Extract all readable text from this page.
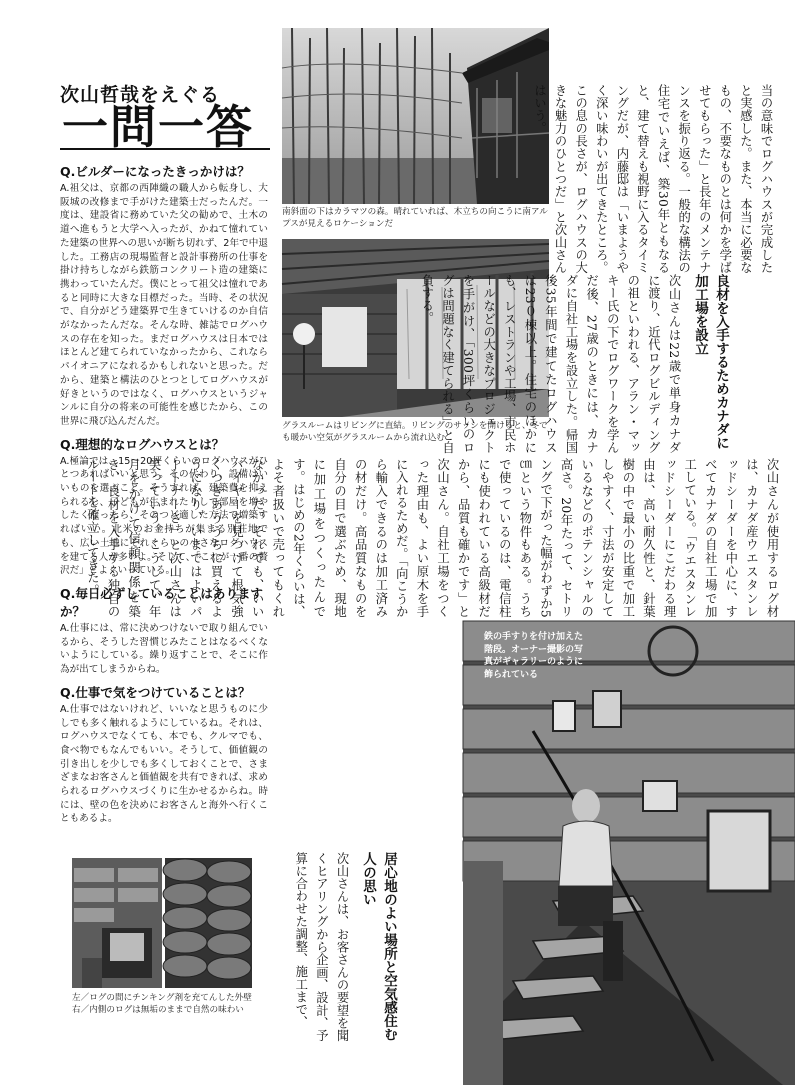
次山哲哉をえぐる
一問一答
Q.ビルダーになったきっかけは？

A.祖父は、京都の西陣織の職人から転身し、大阪城の改修まで手がけた建築士だったんだ。一度は、建設省に務めていた父の勧めで、土木の道へ進もうと大学へ入ったが、かねて憧れていた建築の世界への思いが断ち切れず、2年で中退した。工務店の現場監督と設計事務所の仕事を掛け持ちしながら鉄筋コンクリート造の建築に携わっていたんだ。僕にとって祖父は憧れであると同時に大きな目標だった。当時、その状況で、自分がどう建築界で生きていけるのか自信がなかったんだな。そんな時、雑誌でログハウスの存在を知った。まだログハウスは日本ではほとんど建てられていなかったから、これならパイオニアになれるかもしれないと思った。だから、建築と構法のひとつとしてログハウスが好きというのではなく、ログハウスというジャンルに自分の将来の可能性を感じたから、この世界に飛び込んだんだ。

Q.理想的なログハウスとは？

A.極論では、15～20坪くらいのログハウスがひとつあればいいと思う。その代わり、設備はいいものを選ぶこと。そうすれば、建築費を抑えられるし、子どもが生まれたりして部屋を増やしたくなったら、そのつど適した方法で増築すればいい。北米のお金持ちが集まる別荘地でも、広い土地にそれくらいの小さなログハウスを建てる人が多いよ。そして、「これが一番の贅沢だ」とよくいっている。

Q.毎日必ずしていることはありますか？

A.仕事には、常に決めつけないで取り組んでいるから、そうした習慣じみたことはなるべくないようにしている。繰り返すことで、そこに作為が出てしまうからね。

Q.仕事で気をつけていることは？

A.仕事ではないけれど、いいなと思うものに少しでも多く触れるようにしているね。それは、ログハウスでなくても、本でも、クルマでも、食べ物でもなんでもいい。そうして、価値観の引き出しを少しでも多くしておくことで、さまざまなお客さんと価値観を共有できれば、求められるログハウスづくりに生かせるからね。時には、壁の色を決めにお客さんと海外へ行くこともあるよ。

南斜面の下はカラマツの森。晴れていれば、木立ちの向こうに南アルプスが見えるロケーションだ
グラスルームはリビングに直結。リビングのサッシを開けると、冬でも暖かい空気がグラスルームから流れ込む
左／ログの間にチンキング剤を充てんした外壁　右／内側のログは無垢のままで自然の味わい
鉄の手すりを付け加えた階段。オーナー撮影の写真がギャラリーのように飾られている
当の意味でログハウスが完成したと実感した。また、本当に必要なもの、不要なものとは何かを学ばせてもらった」と長年のメンテナンスを振り返る。一般的な構法の住宅でいえば、築30年ともなると、建て替えも視野に入るタイミングだが、内藤邸は「いまようやく深い味わいが出てきたところ。この息の長さが、ログハウスの大きな魅力のひとつだ」と次山さんはいう。
良材を入手するためカナダに加工場を設立
次山さんは22歳で単身カナダに渡り、近代ログビルディングの祖といわれる、アラン・マッキー氏の下でログワークを学んだ後、27歳のときには、カナダに自社工場を設立した。帰国後35年間で建てたログハウスは23０棟以上。住宅のほかにも、レストランや工場、市民ホールなどの大きなプロジェクトを手がけ、「300坪くらいのログは問題なく建てられる」と自負する。
次山さんが使用するログ材は、カナダ産ウエスタンレッドシーダーを中心に、すべてカナダの自社工場で加工している。「ウエスタンレッドシーダーにこだわる理由は、高い耐久性と、針葉樹の中で最小の比重で加工しやすく、寸法が安定しているなどのポテンシャルの高さ。20年たって、セトリングで下がった幅がわずか5㎝という物件もある。うちで使っているのは、電信柱にも使われている高級材だから、品質も確かです」と次山さん。自社工場をつくった理由も、よい原木を手に入れるためだ。「向こうから輸入できるのは加工済みの材だけ。高品質なものを自分の目で選ぶため、現地に加工場をつくったんです。はじめの2年くらいは、よそ者扱いで売ってもくれなかった。それでも、いいバイヤーを見つけて根気強くつきあううちに買えるようになり、いまではよいパートナーさ」と次山さんは笑っていう。こうして、年月をかけて信頼関係を築き、良材を入手する独自のルートを確立してきた。
居心地のよい場所と空気感住む人の思い
次山さんは、お客さんの要望を聞くヒアリングから企画、設計、予算に合わせた調整、施工まで、
